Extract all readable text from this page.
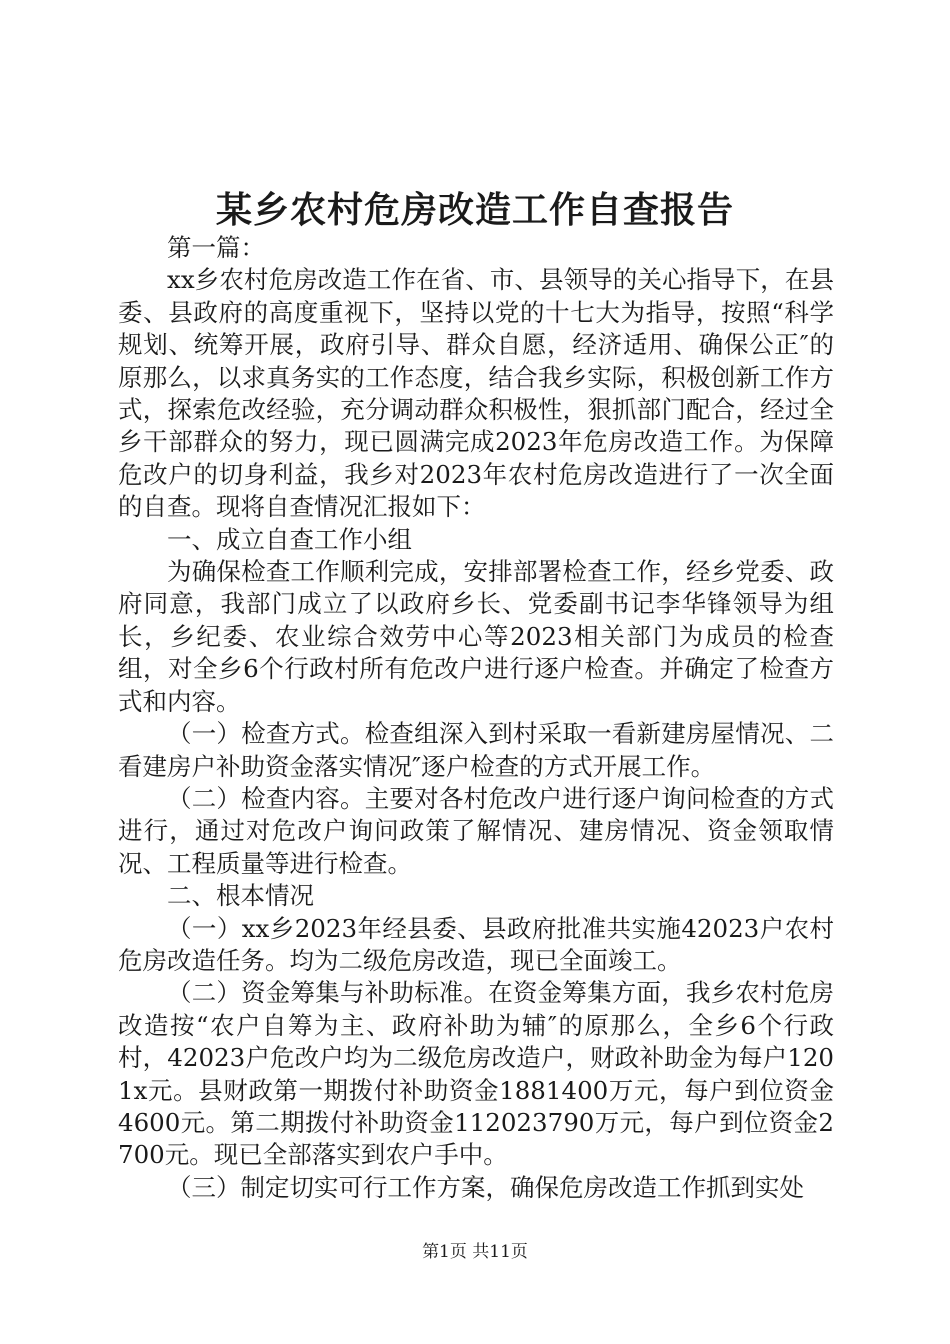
某乡农村危房改造工作自查报告

第一篇：

xx乡农村危房改造工作在省、市、县领导的关心指导下，在县委、县政府的高度重视下，坚持以党的十七大为指导，按照“科学规划、统筹开展，政府引导、群众自愿，经济适用、确保公正″的原那么，以求真务实的工作态度，结合我乡实际，积极创新工作方式，探索危改经验，充分调动群众积极性，狠抓部门配合，经过全乡干部群众的努力，现已圆满完成2023年危房改造工作。为保障危改户的切身利益，我乡对2023年农村危房改造进行了一次全面的自查。现将自查情况汇报如下：

一、成立自查工作小组

为确保检查工作顺利完成，安排部署检查工作，经乡党委、政府同意，我部门成立了以政府乡长、党委副书记李华锋领导为组长，乡纪委、农业综合效劳中心等2023相关部门为成员的检查组，对全乡6个行政村所有危改户进行逐户检查。并确定了检查方式和内容。

（一）检查方式。检查组深入到村采取一看新建房屋情况、二看建房户补助资金落实情况″逐户检查的方式开展工作。

（二）检查内容。主要对各村危改户进行逐户询问检查的方式进行，通过对危改户询问政策了解情况、建房情况、资金领取情况、工程质量等进行检查。

二、根本情况

（一）xx乡2023年经县委、县政府批准共实施42023户农村危房改造任务。均为二级危房改造，现已全面竣工。

（二）资金筹集与补助标准。在资金筹集方面，我乡农村危房改造按“农户自筹为主、政府补助为辅″的原那么，全乡6个行政村，42023户危改户均为二级危房改造户，财政补助金为每户1201x元。县财政第一期拨付补助资金1881400万元，每户到位资金4600元。第二期拨付补助资金112023790万元，每户到位资金2700元。现已全部落实到农户手中。

（三）制定切实可行工作方案，确保危房改造工作抓到实处

第1页 共11页
